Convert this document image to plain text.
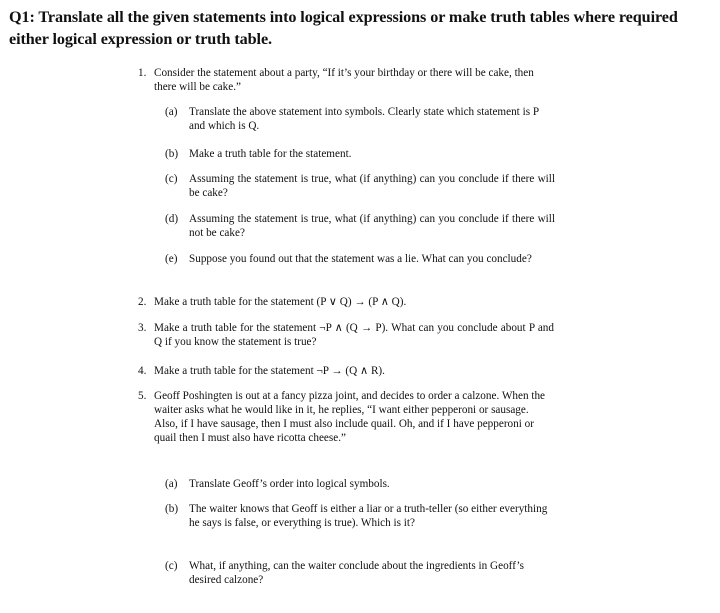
Q1: Translate all the given statements into logical expressions or make truth tables where required either logical expression or truth table.
1. Consider the statement about a party, “If it’s your birthday or there will be cake, then there will be cake.”
(a)	Translate the above statement into symbols. Clearly state which statement is P and which is Q.
(b) Make a truth table for the statement.
(c)	Assuming the statement is true, what (if anything) can you conclude if there will be cake?
(d) Assuming the statement is true, what (if anything) can you conclude if there will not be cake?
(e)	Suppose you found out that the statement was a lie. What can you conclude?
2. Make a truth table for the statement (P ∨ Q) → (P ∧ Q).
3. Make a truth table for the statement ¬P ∧ (Q → P). What can you conclude about P and Q if you know the statement is true?
4. Make a truth table for the statement ¬P → (Q ∧ R).
5. Geoff Poshingten is out at a fancy pizza joint, and decides to order a calzone. When the waiter asks what he would like in it, he replies, “I want either pepperoni or sausage. Also, if I have sausage, then I must also include quail. Oh, and if I have pepperoni or quail then I must also have ricotta cheese.”
(a)	Translate Geoff’s order into logical symbols.
(b) The waiter knows that Geoff is either a liar or a truth-teller (so either everything he says is false, or everything is true). Which is it?
(c)	What, if anything, can the waiter conclude about the ingredients in Geoff’s desired calzone?
